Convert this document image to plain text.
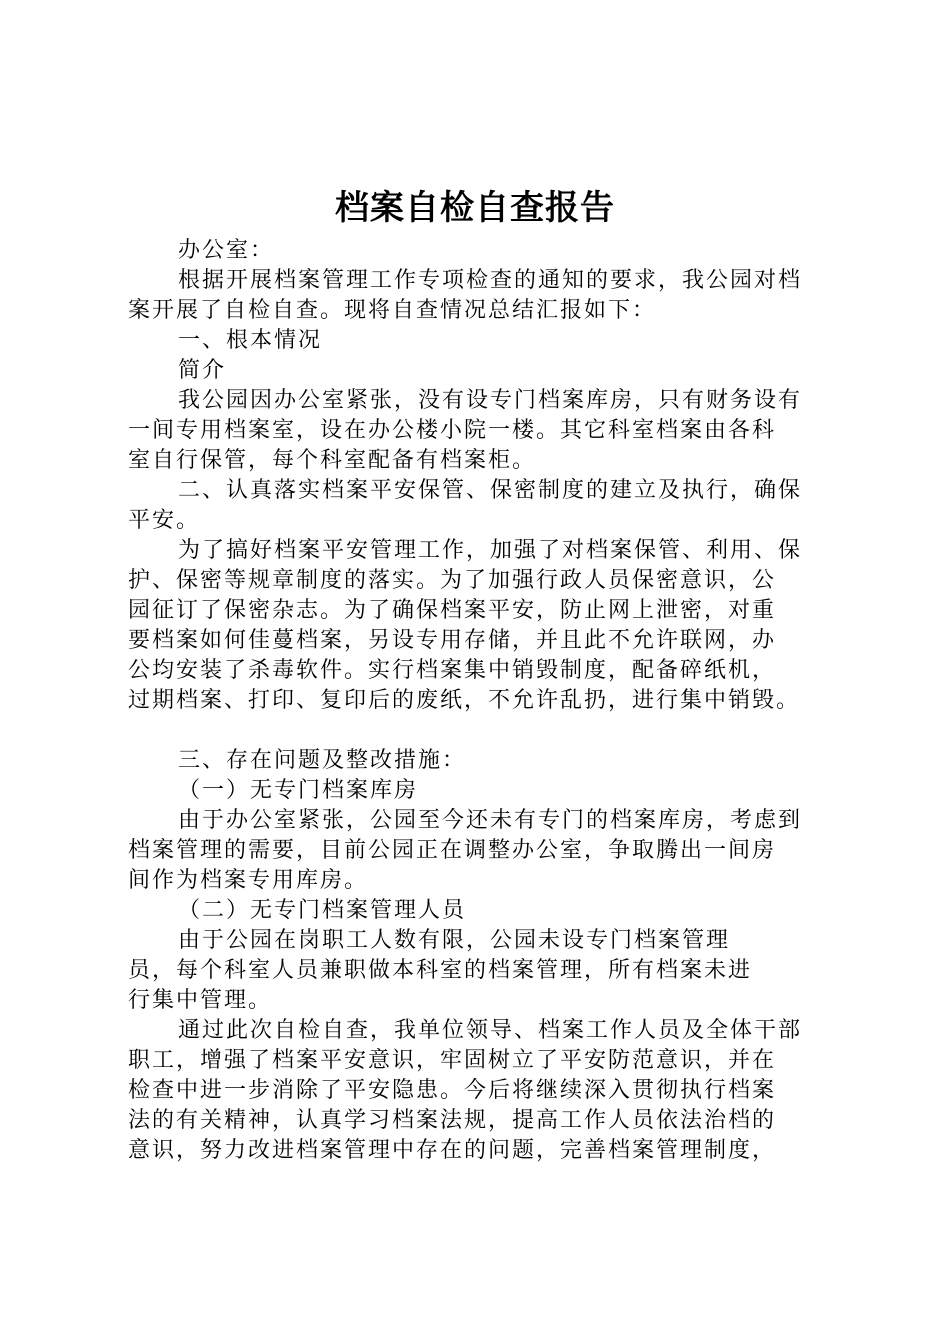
档案自检自查报告
办公室：
根据开展档案管理工作专项检查的通知的要求，我公园对档
案开展了自检自查。现将自查情况总结汇报如下：
一、根本情况
简介
我公园因办公室紧张，没有设专门档案库房，只有财务设有
一间专用档案室，设在办公楼小院一楼。其它科室档案由各科
室自行保管，每个科室配备有档案柜。
二、认真落实档案平安保管、保密制度的建立及执行，确保
平安。
为了搞好档案平安管理工作，加强了对档案保管、利用、保
护、保密等规章制度的落实。为了加强行政人员保密意识，公
园征订了保密杂志。为了确保档案平安，防止网上泄密，对重
要档案如何佳蔓档案，另设专用存储，并且此不允许联网，办
公均安装了杀毒软件。实行档案集中销毁制度，配备碎纸机，
过期档案、打印、复印后的废纸，不允许乱扔，进行集中销毁。
三、存在问题及整改措施：
（一）无专门档案库房
由于办公室紧张，公园至今还未有专门的档案库房，考虑到
档案管理的需要，目前公园正在调整办公室，争取腾出一间房
间作为档案专用库房。
（二）无专门档案管理人员
由于公园在岗职工人数有限，公园未设专门档案管理
员，每个科室人员兼职做本科室的档案管理，所有档案未进
行集中管理。
通过此次自检自查，我单位领导、档案工作人员及全体干部
职工，增强了档案平安意识，牢固树立了平安防范意识，并在
检查中进一步消除了平安隐患。今后将继续深入贯彻执行档案
法的有关精神，认真学习档案法规，提高工作人员依法治档的
意识，努力改进档案管理中存在的问题，完善档案管理制度，
